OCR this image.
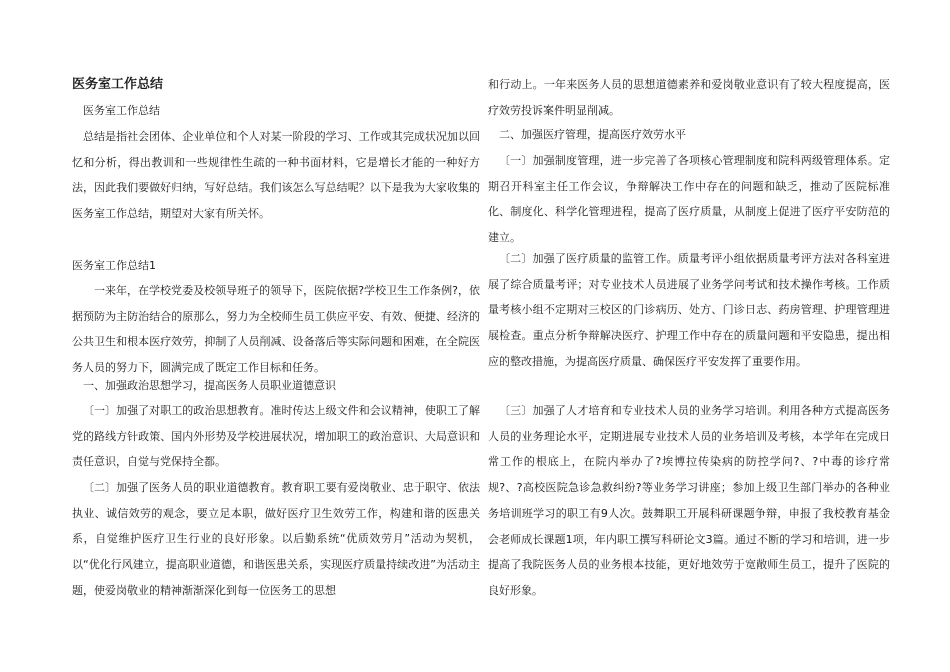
医务室工作总结

医务室工作总结

总结是指社会团体、企业单位和个人对某一阶段的学习、工作或其完成状况加以回忆和分析，得出教训和一些规律性生疏的一种书面材料，它是增长才能的一种好方法，因此我们要做好归纳，写好总结。我们该怎么写总结呢？以下是我为大家收集的医务室工作总结，期望对大家有所关怀。

医务室工作总结1

一来年，在学校党委及校领导班子的领导下，医院依据?学校卫生工作条例?，依据预防为主防治结合的原那么，努力为全校师生员工供应平安、有效、便捷、经济的公共卫生和根本医疗效劳，抑制了人员削减、设备落后等实际问题和困难，在全院医务人员的努力下，圆满完成了既定工作目标和任务。

一、加强政治思想学习，提高医务人员职业道德意识

〔一〕加强了对职工的政治思想教育。准时传达上级文件和会议精神，使职工了解党的路线方针政策、国内外形势及学校进展状况，增加职工的政治意识、大局意识和责任意识，自觉与党保持全都。

〔二〕加强了医务人员的职业道德教育。教育职工要有爱岗敬业、忠于职守、依法执业、诚信效劳的观念，要立足本职，做好医疗卫生效劳工作，构建和谐的医患关系，自觉维护医疗卫生行业的良好形象。以后勤系统“优质效劳月”活动为契机，以“优化行风建立，提高职业道德，和谐医患关系，实现医疗质量持续改进”为活动主题，使爱岗敬业的精神渐渐深化到每一位医务工的思想

和行动上。一年来医务人员的思想道德素养和爱岗敬业意识有了较大程度提高，医疗效劳投诉案件明显削减。

二、加强医疗管理，提高医疗效劳水平

〔一〕加强制度管理，进一步完善了各项核心管理制度和院科两级管理体系。定期召开科室主任工作会议，争辩解决工作中存在的问题和缺乏，推动了医院标准化、制度化、科学化管理进程，提高了医疗质量，从制度上促进了医疗平安防范的建立。

〔二〕加强了医疗质量的监管工作。质量考评小组依据质量考评方法对各科室进展了综合质量考评；对专业技术人员进展了业务学问考试和技术操作考核。工作质量考核小组不定期对三校区的门诊病历、处方、门诊日志、药房管理、护理管理进展检查。重点分析争辩解决医疗、护理工作中存在的质量问题和平安隐患，提出相应的整改措施，为提高医疗质量、确保医疗平安发挥了重要作用。

〔三〕加强了人才培育和专业技术人员的业务学习培训。利用各种方式提高医务人员的业务理论水平，定期进展专业技术人员的业务培训及考核，本学年在完成日常工作的根底上，在院内举办了?埃博拉传染病的防控学问?、?中毒的诊疗常规?、?高校医院急诊急救纠纷?等业务学习讲座；参加上级卫生部门举办的各种业务培训班学习的职工有9人次。鼓舞职工开展科研课题争辩，申报了我校教育基金会老师成长课题1项，年内职工撰写科研论文3篇。通过不断的学习和培训，进一步提高了我院医务人员的业务根本技能，更好地效劳于宽敞师生员工，提升了医院的良好形象。
